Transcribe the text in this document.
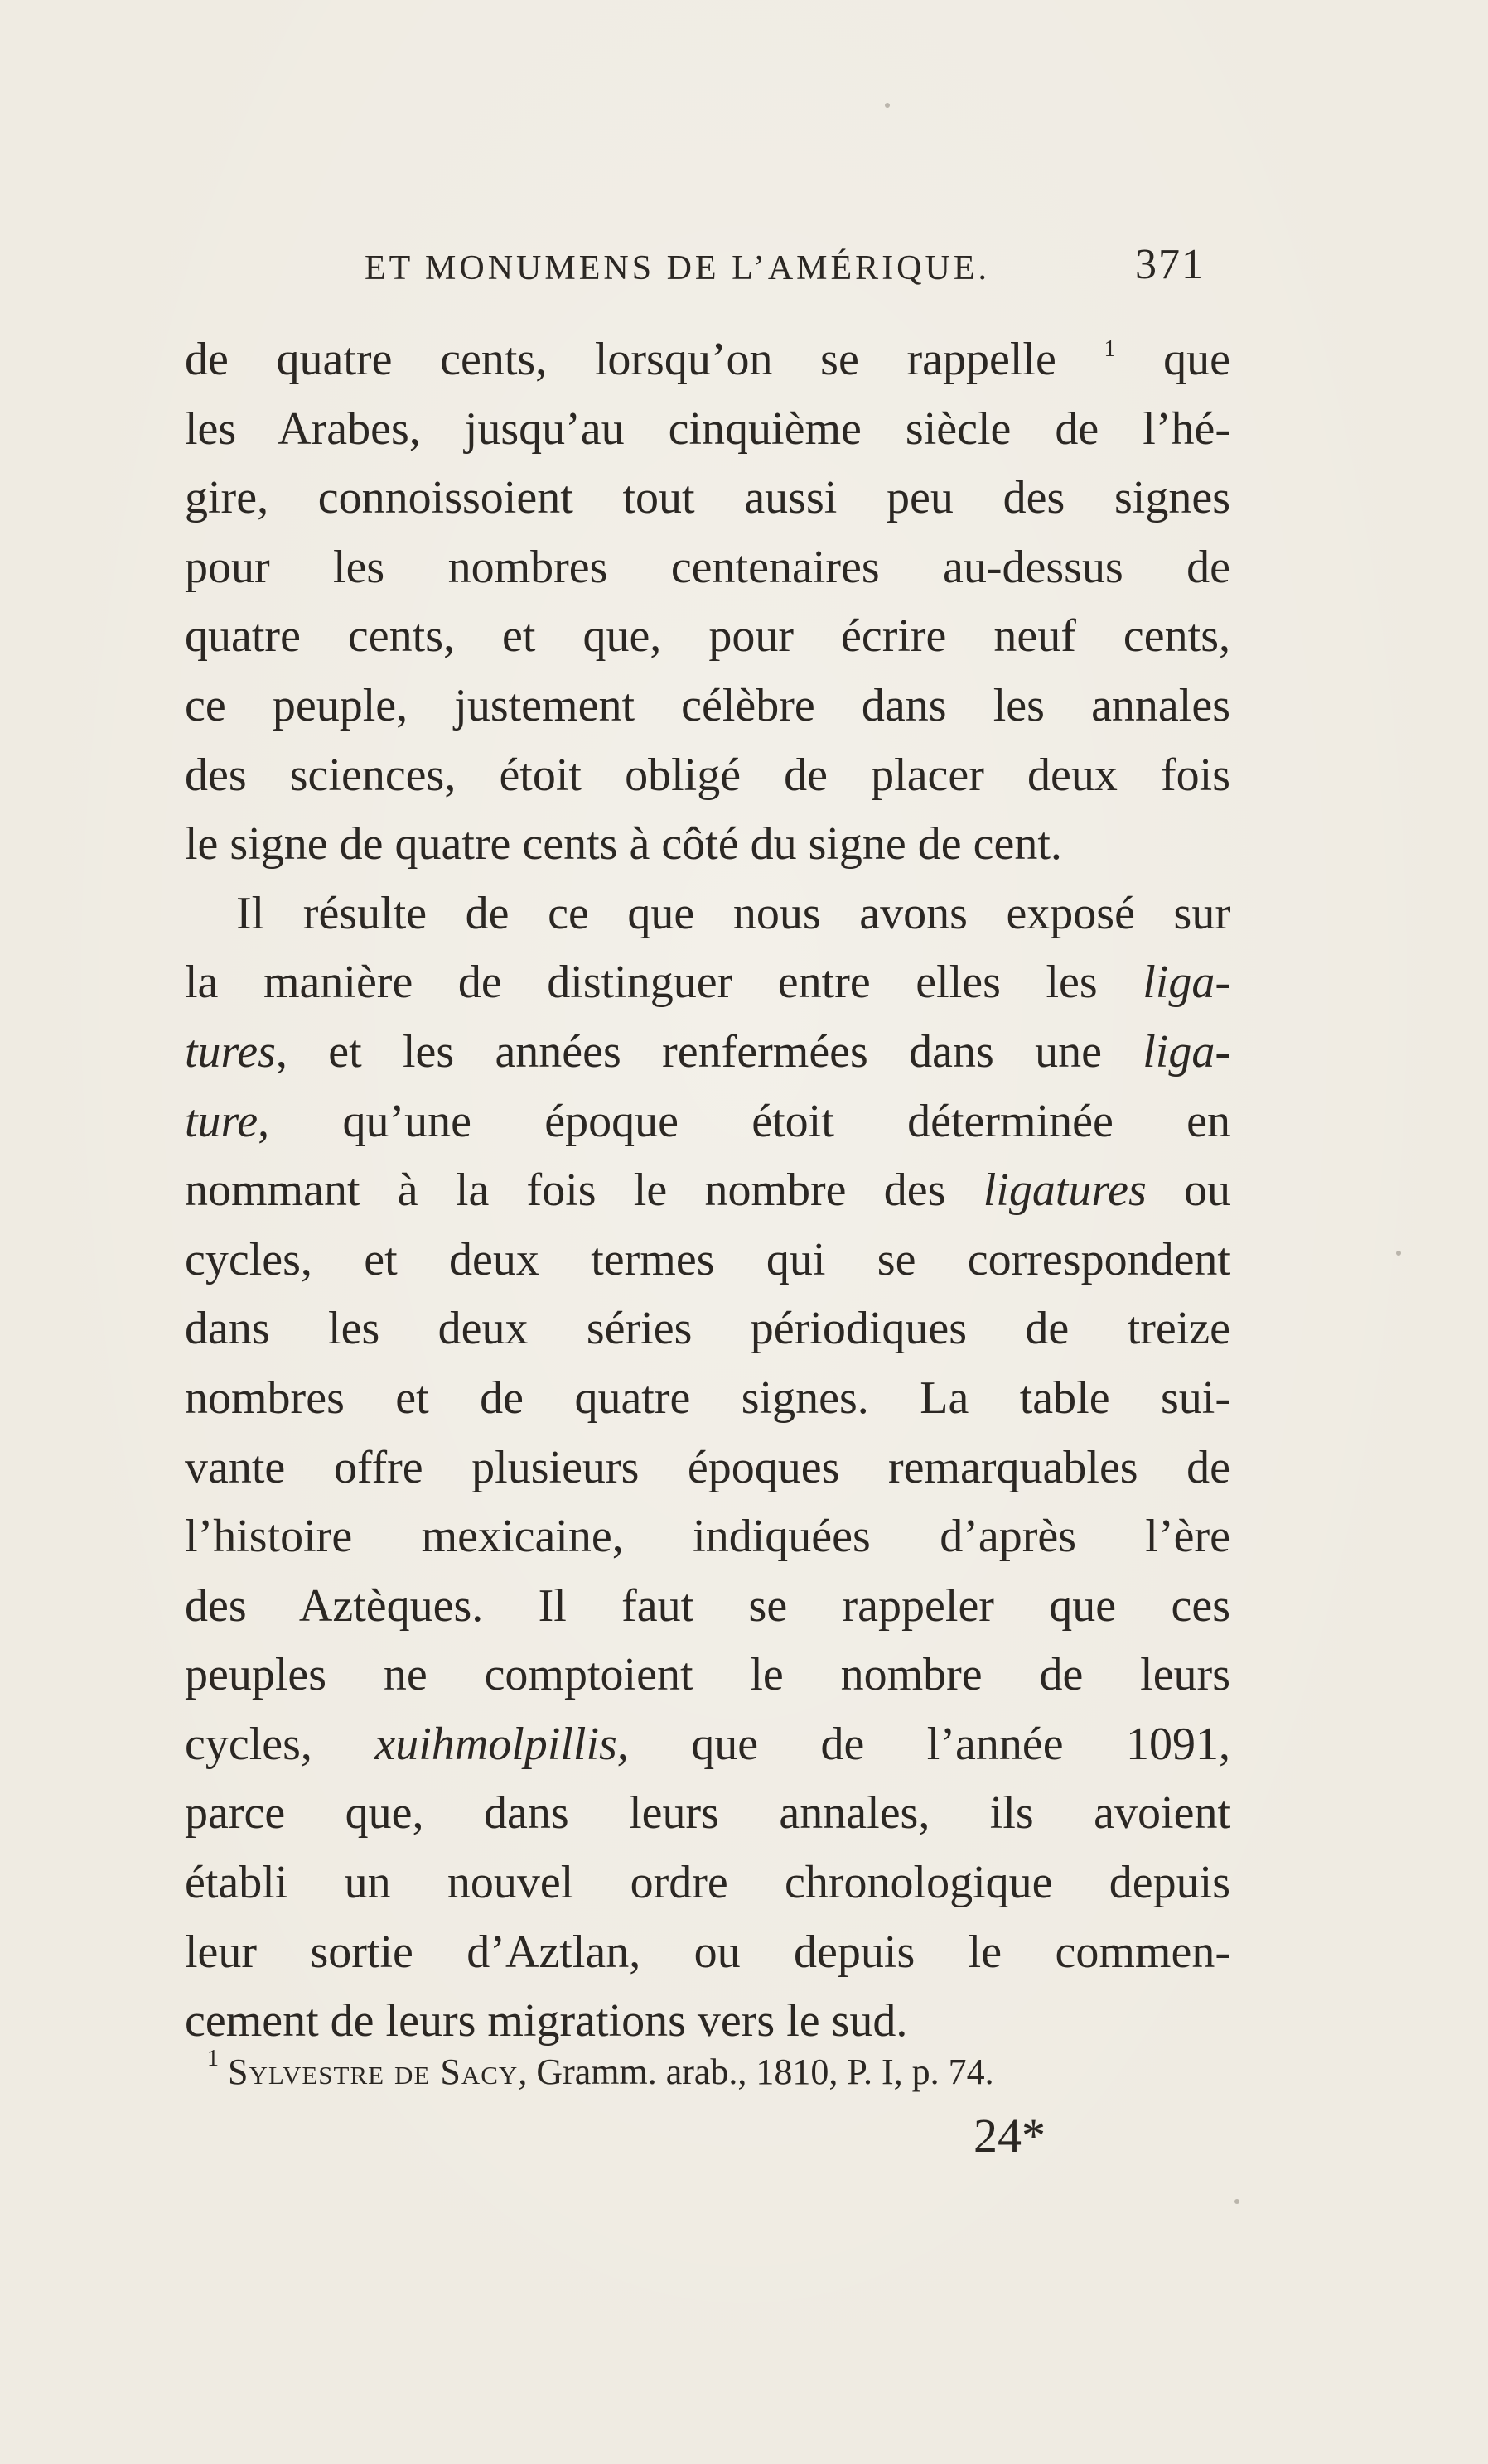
ET MONUMENS DE L’AMÉRIQUE.	371
de quatre cents, lorsqu’on se rappelle $^1$ que
les Arabes, jusqu’au cinquième siècle de l’hé-
gire, connoissoient tout aussi peu des signes
pour les nombres centenaires au-dessus de
quatre cents, et que, pour écrire neuf cents,
ce peuple, justement célèbre dans les annales
des sciences, étoit obligé de placer deux fois
le signe de quatre cents à côté du signe de cent.
Il résulte de ce que nous avons exposé sur
la manière de distinguer entre elles les liga-
tures, et les années renfermées dans une liga-
ture, qu’une époque étoit déterminée en
nommant à la fois le nombre des ligatures ou
cycles, et deux termes qui se correspondent
dans les deux séries périodiques de treize
nombres et de quatre signes. La table sui-
vante offre plusieurs époques remarquables de
l’histoire mexicaine, indiquées d’après l’ère
des Aztèques. Il faut se rappeler que ces
peuples ne comptoient le nombre de leurs
cycles, xuihmolpillis, que de l’année 1091,
parce que, dans leurs annales, ils avoient
établi un nouvel ordre chronologique depuis
leur sortie d’Aztlan, ou depuis le commen-
cement de leurs migrations vers le sud.
$^1$ Sylvestre de Sacy, Gramm. arab., 1810, P. I, p. 74.
24*
